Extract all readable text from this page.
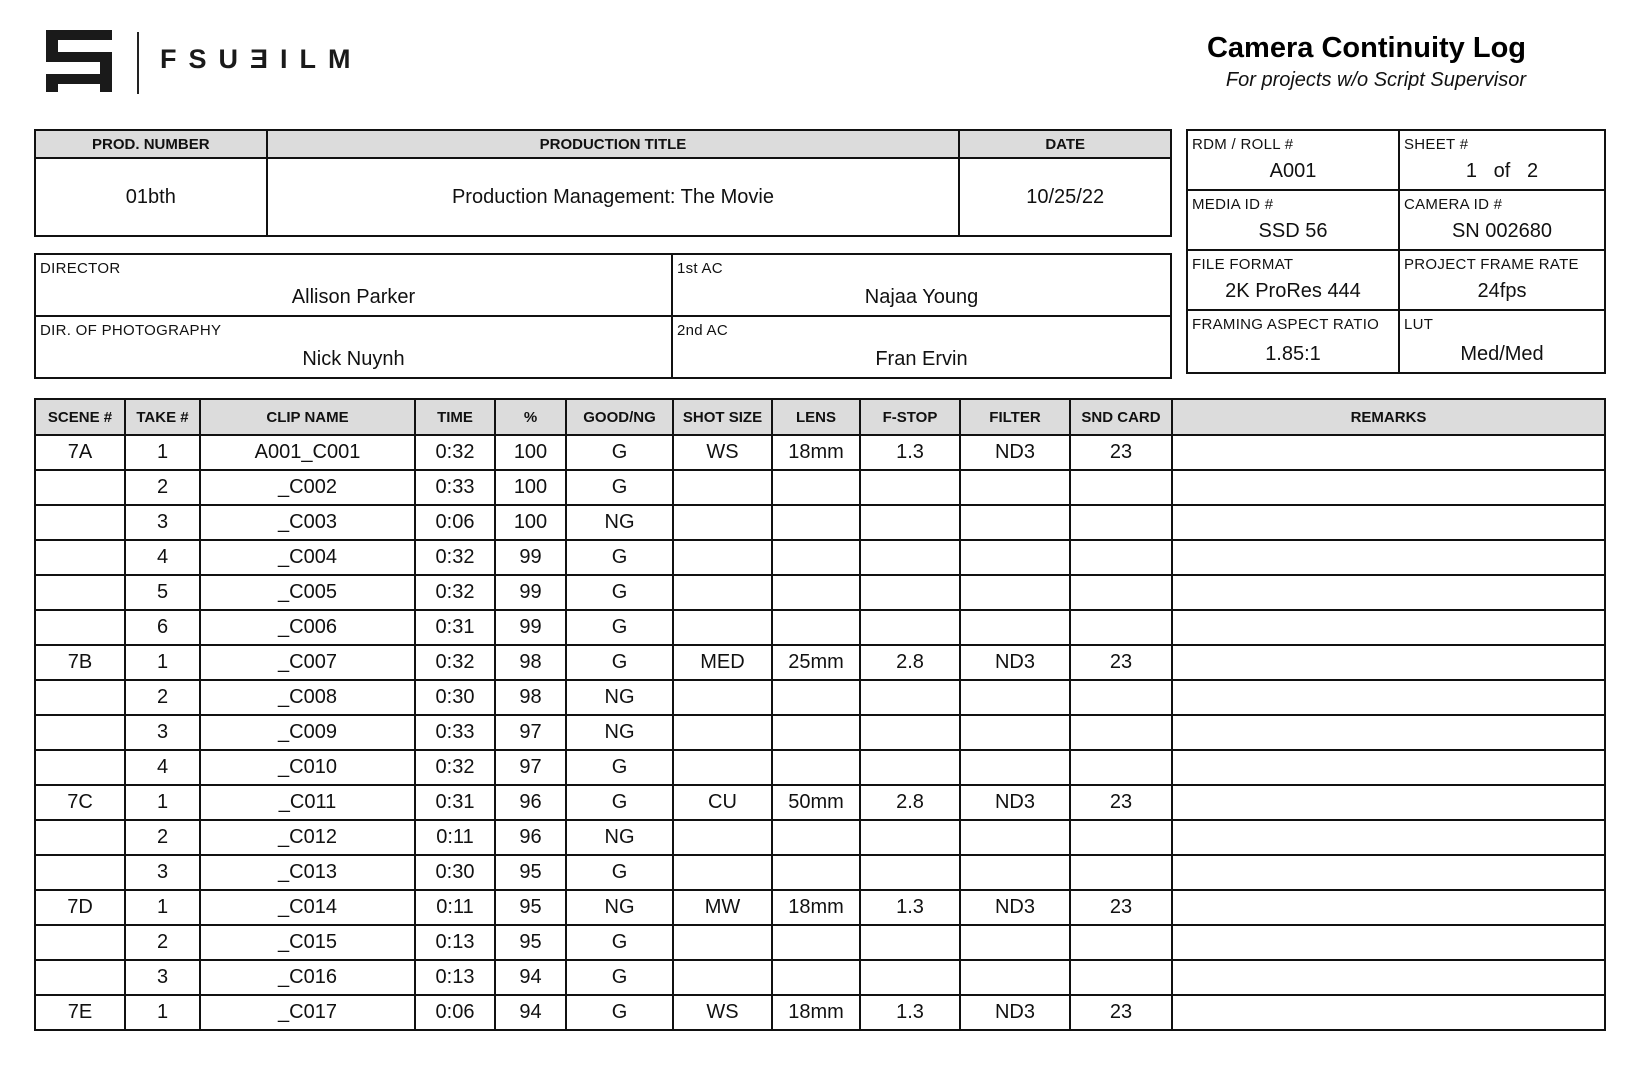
FSUƎILM	Camera Continuity Log
For projects w/o Script Supervisor
PROD. NUMBER	PRODUCTION TITLE	DATE
01bth	Production Management: The Movie	10/25/22
DIRECTOR
Allison Parker	1st AC
Najaa Young

DIR. OF PHOTOGRAPHY
Nick Nuynh	2nd AC
Fran Ervin
RDM / ROLL #
A001	SHEET #
1   of   2

MEDIA ID #
SSD 56	CAMERA ID #
SN 002680

FILE FORMAT
2K ProRes 444	PROJECT FRAME RATE
24fps

FRAMING ASPECT RATIO
1.85:1	LUT
Med/Med
SCENE #	TAKE #	CLIP NAME	TIME	%	GOOD/NG	SHOT SIZE	LENS	F-STOP	FILTER	SND CARD	REMARKS
7A	1	A001_C001	0:32	100	G	WS	18mm	1.3	ND3	23	
	2	_C002	0:33	100	G						
	3	_C003	0:06	100	NG						
	4	_C004	0:32	99	G						
	5	_C005	0:32	99	G						
	6	_C006	0:31	99	G						
7B	1	_C007	0:32	98	G	MED	25mm	2.8	ND3	23	
	2	_C008	0:30	98	NG						
	3	_C009	0:33	97	NG						
	4	_C010	0:32	97	G						
7C	1	_C011	0:31	96	G	CU	50mm	2.8	ND3	23	
	2	_C012	0:11	96	NG						
	3	_C013	0:30	95	G						
7D	1	_C014	0:11	95	NG	MW	18mm	1.3	ND3	23	
	2	_C015	0:13	95	G						
	3	_C016	0:13	94	G						
7E	1	_C017	0:06	94	G	WS	18mm	1.3	ND3	23	
